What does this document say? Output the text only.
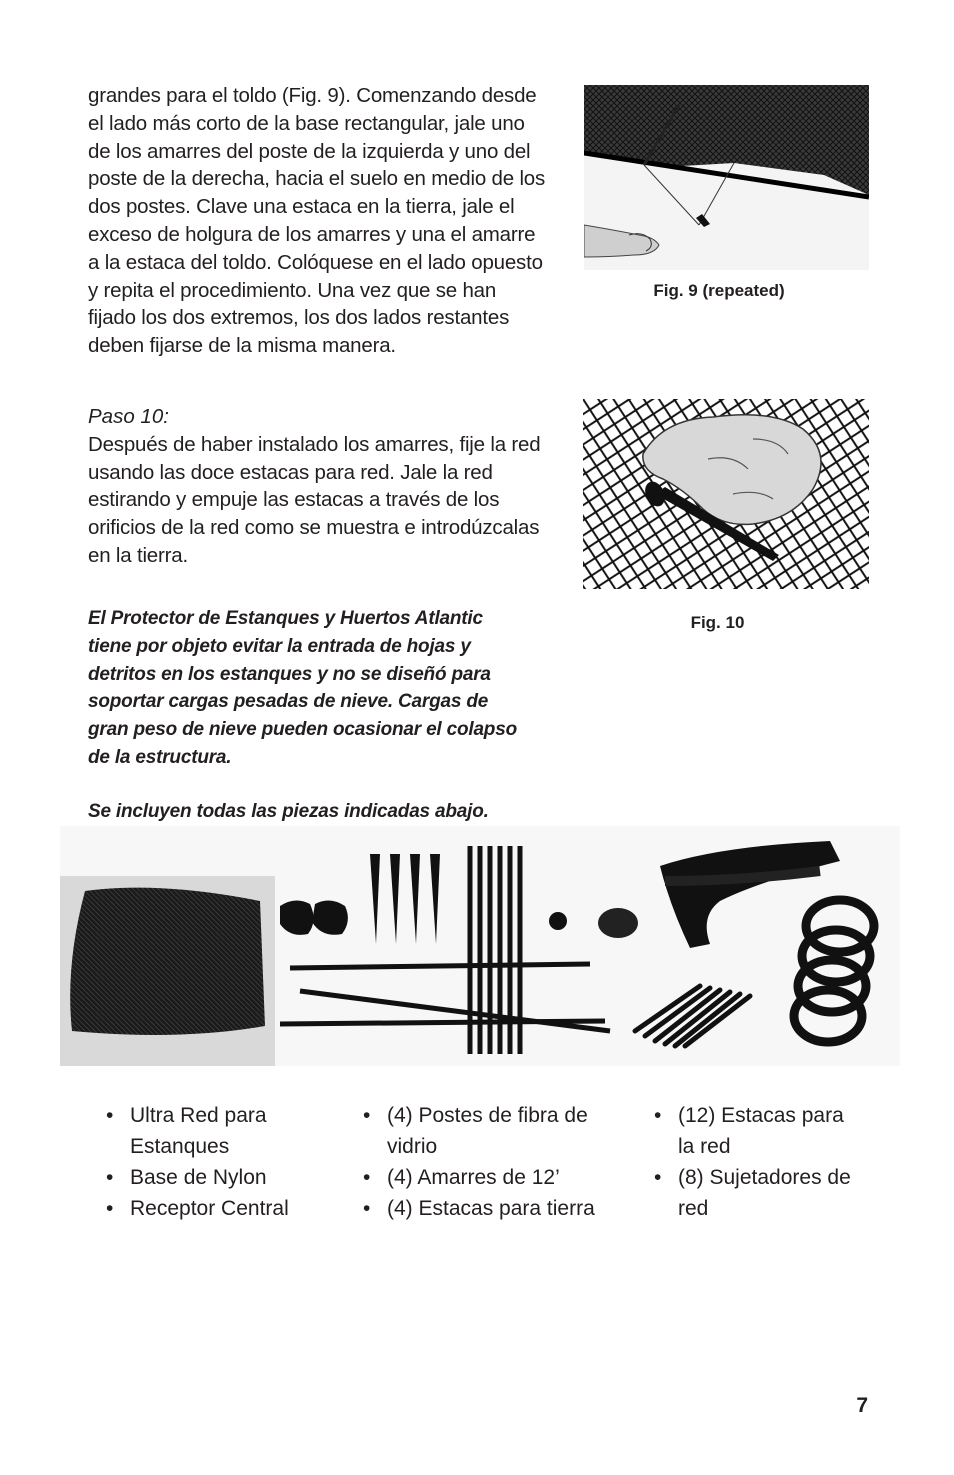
grandes para el toldo (Fig. 9). Comenzando desde el lado más corto de la base rectangular, jale uno de los amarres del poste de la izquierda y uno del poste de la derecha, hacia el suelo en medio de los dos postes. Clave una estaca en la tierra, jale el exceso de holgura de los amarres y una el amarre a la estaca del toldo. Colóquese en el lado opuesto y repita el procedimiento. Una vez que se han fijado los dos extremos, los dos lados restantes deben fijarse de la misma manera.

Paso 10:

Después de haber instalado los amarres, fije la red usando las doce estacas para red. Jale la red estirando y empuje las estacas a través de los orificios de la red como se muestra e introdúzcalas en la tierra.

El Protector de Estanques y Huertos Atlantic tiene por objeto evitar la entrada de hojas y detritos en los estanques y no se diseñó para soportar cargas pesadas de nieve. Cargas de gran peso de nieve pueden ocasionar el colapso de la estructura.

Se incluyen todas las piezas indicadas abajo.

Fig. 9 (repeated)
Fig. 10
• Ultra Red para Estanques
• Base de Nylon
• Receptor Central
• (4) Postes de fibra de vidrio
• (4) Amarres de 12’
• (4) Estacas para tierra
• (12) Estacas para la red
• (8) Sujetadores de red
7
